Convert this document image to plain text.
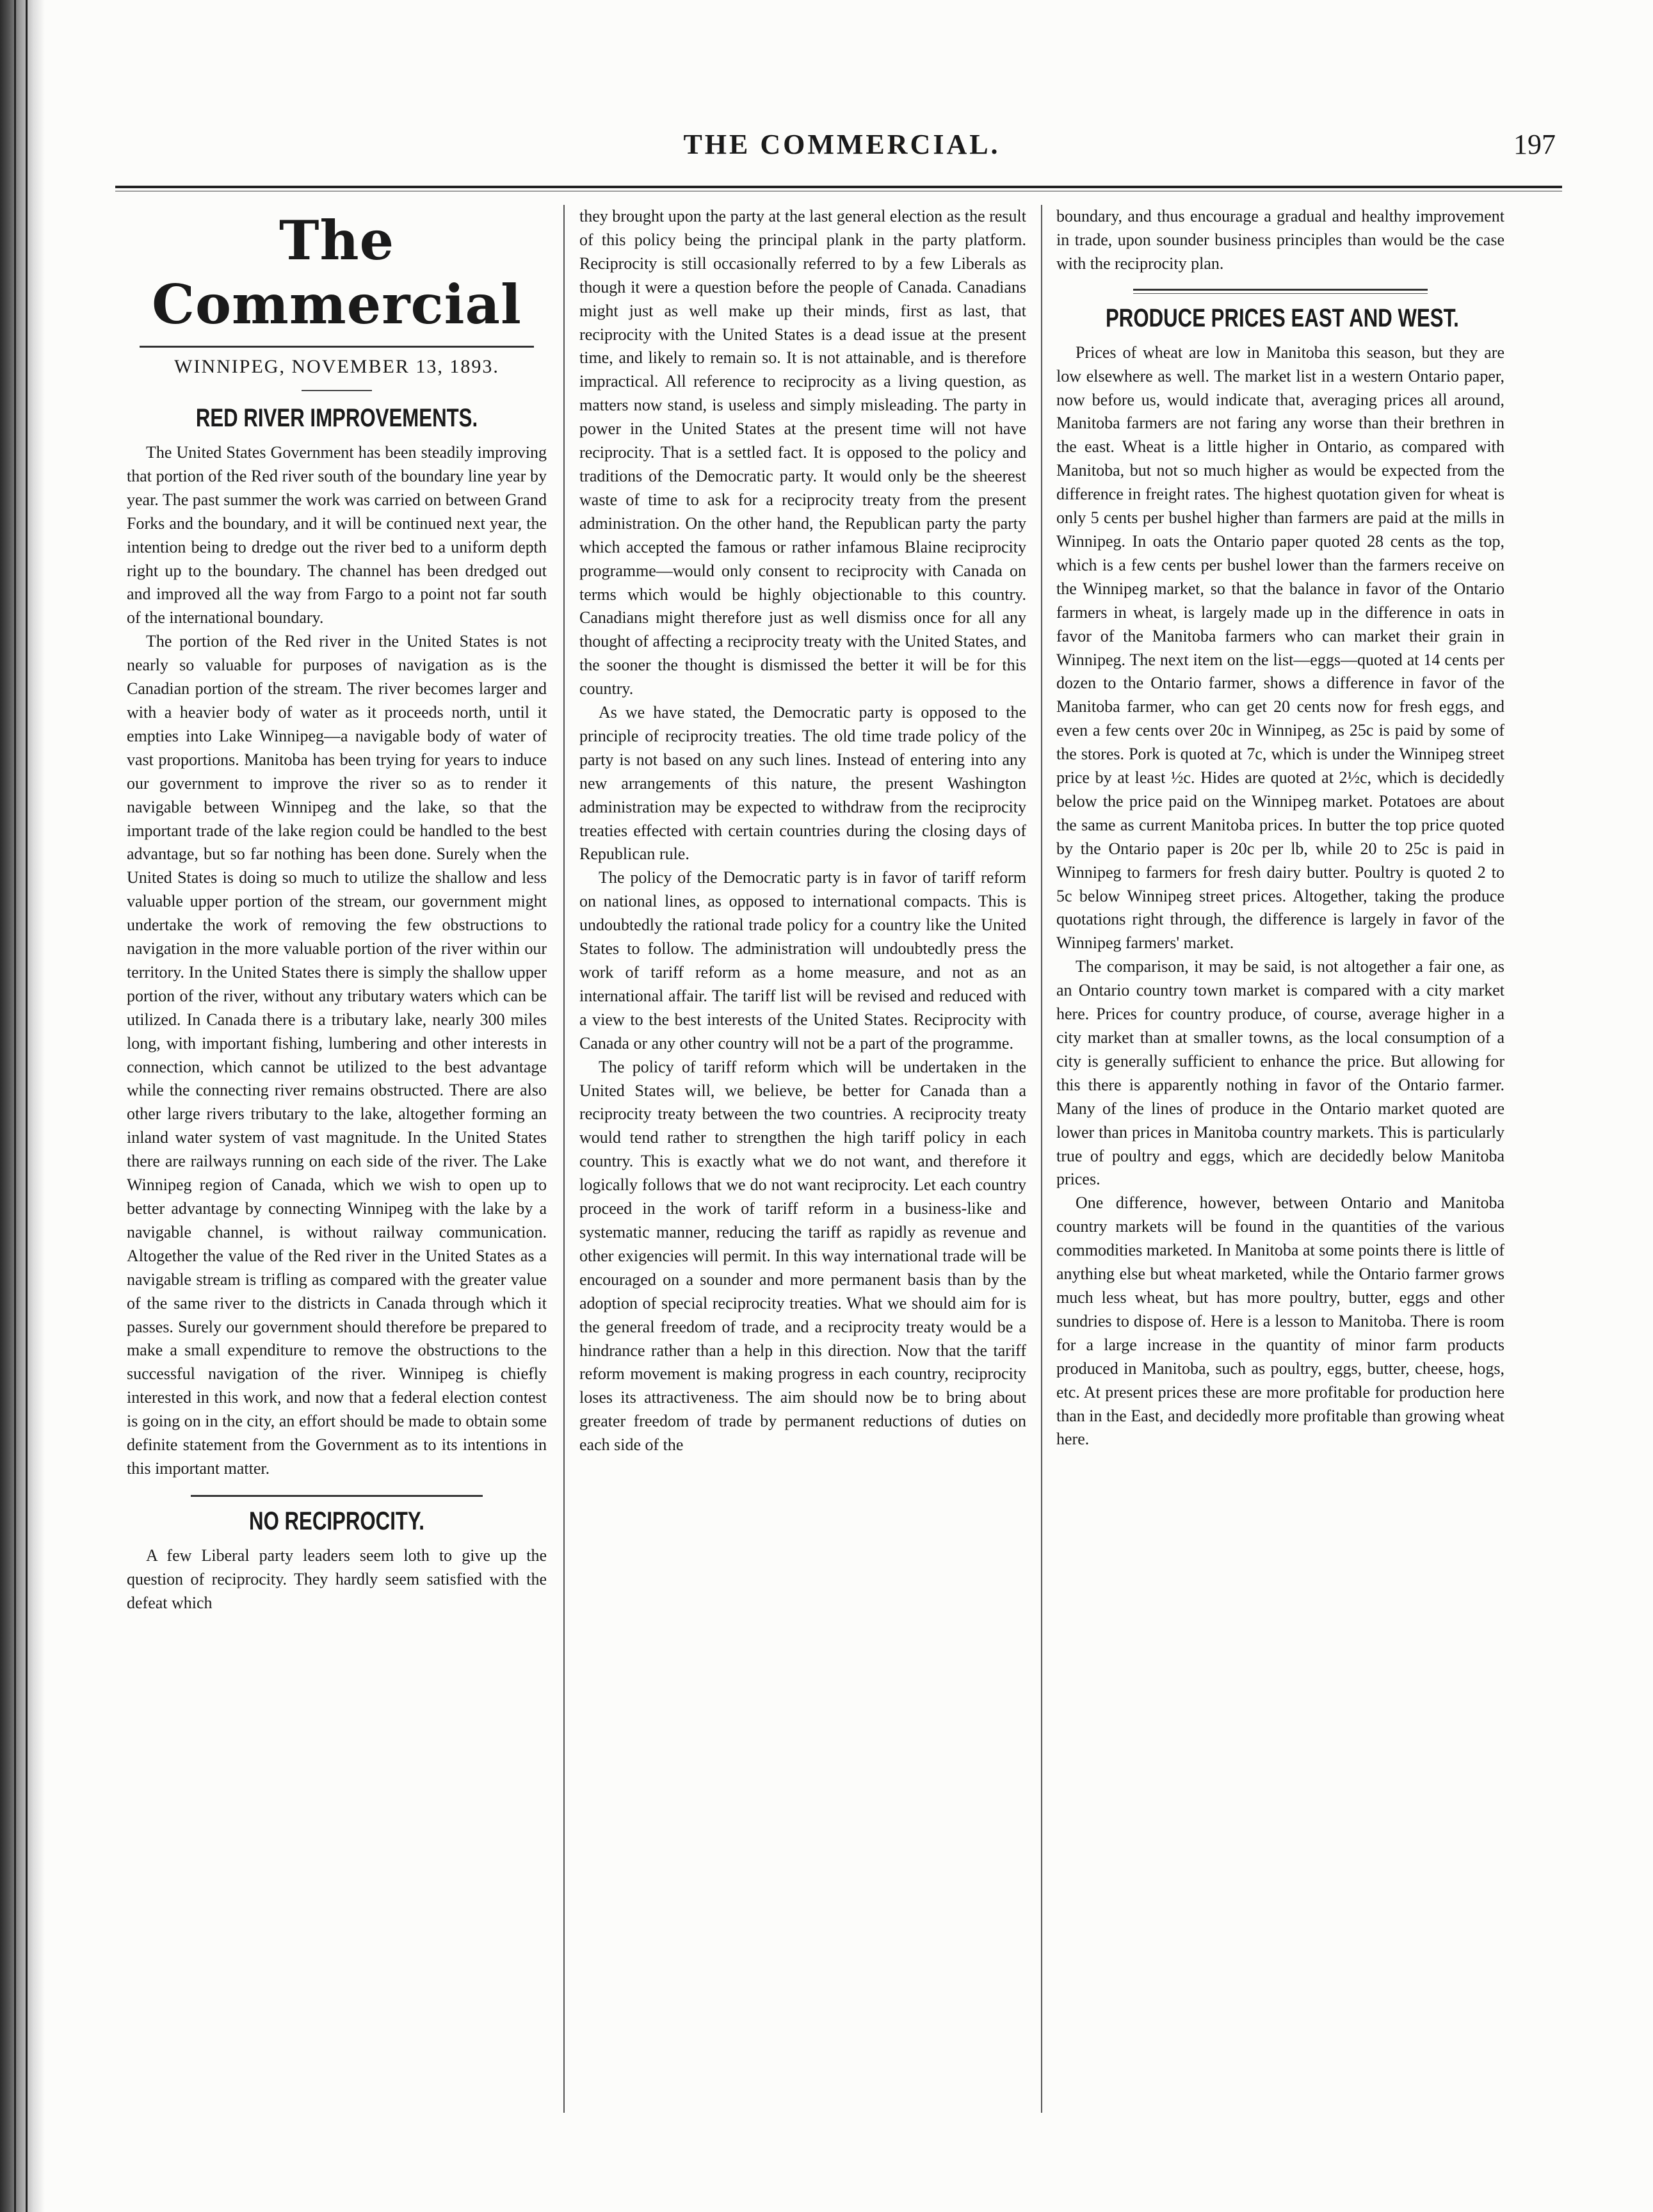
THE COMMERCIAL.	197
The Commercial
WINNIPEG, NOVEMBER 13, 1893.
RED RIVER IMPROVEMENTS.

The United States Government has been steadily improving that portion of the Red river south of the boundary line year by year. The past summer the work was carried on between Grand Forks and the boundary, and it will be continued next year, the intention being to dredge out the river bed to a uniform depth right up to the boundary. The channel has been dredged out and improved all the way from Fargo to a point not far south of the international boundary.

The portion of the Red river in the United States is not nearly so valuable for purposes of navigation as is the Canadian portion of the stream. The river becomes larger and with a heavier body of water as it proceeds north, until it empties into Lake Winnipeg—a navigable body of water of vast proportions. Manitoba has been trying for years to induce our government to improve the river so as to render it navigable between Winnipeg and the lake, so that the important trade of the lake region could be handled to the best advantage, but so far nothing has been done. Surely when the United States is doing so much to utilize the shallow and less valuable upper portion of the stream, our government might undertake the work of removing the few obstructions to navigation in the more valuable portion of the river within our territory. In the United States there is simply the shallow upper portion of the river, without any tributary waters which can be utilized. In Canada there is a tributary lake, nearly 300 miles long, with important fishing, lumbering and other interests in connection, which cannot be utilized to the best advantage while the connecting river remains obstructed. There are also other large rivers tributary to the lake, altogether forming an inland water system of vast magnitude. In the United States there are railways running on each side of the river. The Lake Winnipeg region of Canada, which we wish to open up to better advantage by connecting Winnipeg with the lake by a navigable channel, is without railway communication. Altogether the value of the Red river in the United States as a navigable stream is trifling as compared with the greater value of the same river to the districts in Canada through which it passes. Surely our government should therefore be prepared to make a small expenditure to remove the obstructions to the successful navigation of the river. Winnipeg is chiefly interested in this work, and now that a federal election contest is going on in the city, an effort should be made to obtain some definite statement from the Government as to its intentions in this important matter.

NO RECIPROCITY.

A few Liberal party leaders seem loth to give up the question of reciprocity. They hardly seem satisfied with the defeat which

they brought upon the party at the last general election as the result of this policy being the principal plank in the party platform. Reciprocity is still occasionally referred to by a few Liberals as though it were a question before the people of Canada. Canadians might just as well make up their minds, first as last, that reciprocity with the United States is a dead issue at the present time, and likely to remain so. It is not attainable, and is therefore impractical. All reference to reciprocity as a living question, as matters now stand, is useless and simply misleading. The party in power in the United States at the present time will not have reciprocity. That is a settled fact. It is opposed to the policy and traditions of the Democratic party. It would only be the sheerest waste of time to ask for a reciprocity treaty from the present administration. On the other hand, the Republican party the party which accepted the famous or rather infamous Blaine reciprocity programme—would only consent to reciprocity with Canada on terms which would be highly objectionable to this country. Canadians might therefore just as well dismiss once for all any thought of affecting a reciprocity treaty with the United States, and the sooner the thought is dismissed the better it will be for this country.

As we have stated, the Democratic party is opposed to the principle of reciprocity treaties. The old time trade policy of the party is not based on any such lines. Instead of entering into any new arrangements of this nature, the present Washington administration may be expected to withdraw from the reciprocity treaties effected with certain countries during the closing days of Republican rule.

The policy of the Democratic party is in favor of tariff reform on national lines, as opposed to international compacts. This is undoubtedly the rational trade policy for a country like the United States to follow. The administration will undoubtedly press the work of tariff reform as a home measure, and not as an international affair. The tariff list will be revised and reduced with a view to the best interests of the United States. Reciprocity with Canada or any other country will not be a part of the programme.

The policy of tariff reform which will be undertaken in the United States will, we believe, be better for Canada than a reciprocity treaty between the two countries. A reciprocity treaty would tend rather to strengthen the high tariff policy in each country. This is exactly what we do not want, and therefore it logically follows that we do not want reciprocity. Let each country proceed in the work of tariff reform in a business-like and systematic manner, reducing the tariff as rapidly as revenue and other exigencies will permit. In this way international trade will be encouraged on a sounder and more permanent basis than by the adoption of special reciprocity treaties. What we should aim for is the general freedom of trade, and a reciprocity treaty would be a hindrance rather than a help in this direction. Now that the tariff reform movement is making progress in each country, reciprocity loses its attractiveness. The aim should now be to bring about greater freedom of trade by permanent reductions of duties on each side of the

boundary, and thus encourage a gradual and healthy improvement in trade, upon sounder business principles than would be the case with the reciprocity plan.

PRODUCE PRICES EAST AND WEST.

Prices of wheat are low in Manitoba this season, but they are low elsewhere as well. The market list in a western Ontario paper, now before us, would indicate that, averaging prices all around, Manitoba farmers are not faring any worse than their brethren in the east. Wheat is a little higher in Ontario, as compared with Manitoba, but not so much higher as would be expected from the difference in freight rates. The highest quotation given for wheat is only 5 cents per bushel higher than farmers are paid at the mills in Winnipeg. In oats the Ontario paper quoted 28 cents as the top, which is a few cents per bushel lower than the farmers receive on the Winnipeg market, so that the balance in favor of the Ontario farmers in wheat, is largely made up in the difference in oats in favor of the Manitoba farmers who can market their grain in Winnipeg. The next item on the list—eggs—quoted at 14 cents per dozen to the Ontario farmer, shows a difference in favor of the Manitoba farmer, who can get 20 cents now for fresh eggs, and even a few cents over 20c in Winnipeg, as 25c is paid by some of the stores. Pork is quoted at 7c, which is under the Winnipeg street price by at least ½c. Hides are quoted at 2½c, which is decidedly below the price paid on the Winnipeg market. Potatoes are about the same as current Manitoba prices. In butter the top price quoted by the Ontario paper is 20c per lb, while 20 to 25c is paid in Winnipeg to farmers for fresh dairy butter. Poultry is quoted 2 to 5c below Winnipeg street prices. Altogether, taking the produce quotations right through, the difference is largely in favor of the Winnipeg farmers' market.

The comparison, it may be said, is not altogether a fair one, as an Ontario country town market is compared with a city market here. Prices for country produce, of course, average higher in a city market than at smaller towns, as the local consumption of a city is generally sufficient to enhance the price. But allowing for this there is apparently nothing in favor of the Ontario farmer. Many of the lines of produce in the Ontario market quoted are lower than prices in Manitoba country markets. This is particularly true of poultry and eggs, which are decidedly below Manitoba prices.

One difference, however, between Ontario and Manitoba country markets will be found in the quantities of the various commodities marketed. In Manitoba at some points there is little of anything else but wheat marketed, while the Ontario farmer grows much less wheat, but has more poultry, butter, eggs and other sundries to dispose of. Here is a lesson to Manitoba. There is room for a large increase in the quantity of minor farm products produced in Manitoba, such as poultry, eggs, butter, cheese, hogs, etc. At present prices these are more profitable for production here than in the East, and decidedly more profitable than growing wheat here.
